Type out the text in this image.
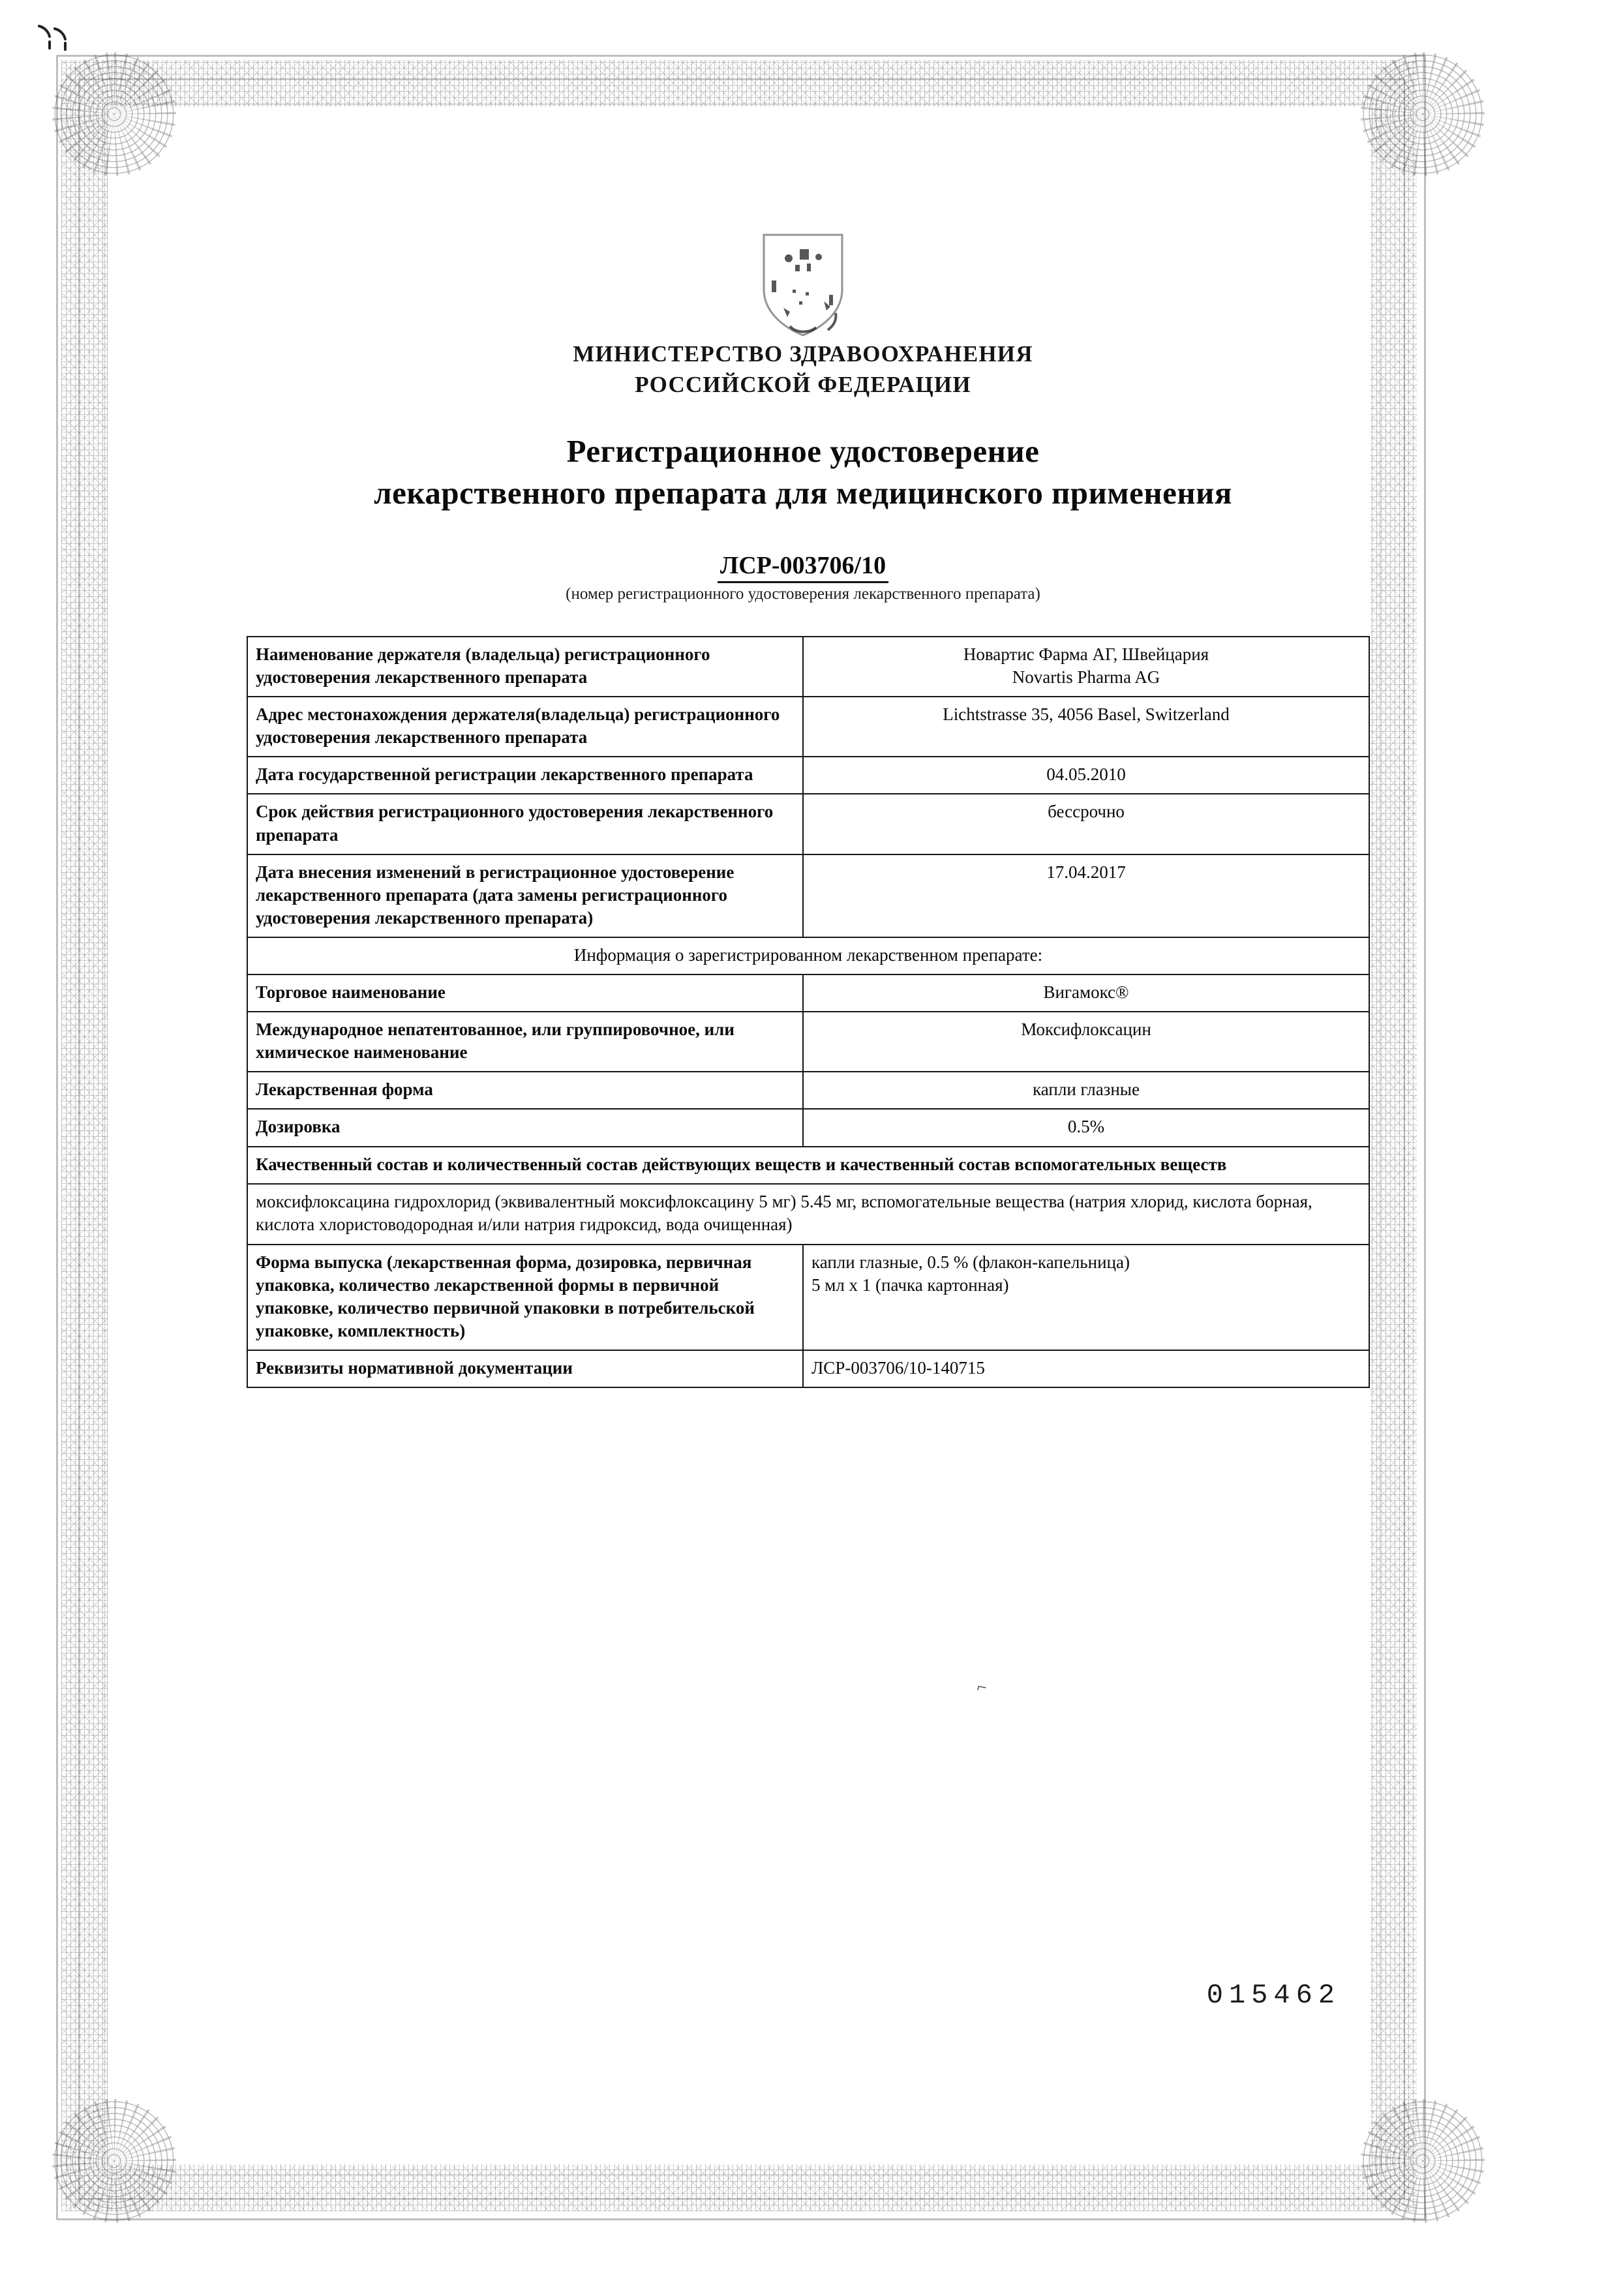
МИНИСТЕРСТВО ЗДРАВООХРАНЕНИЯ
РОССИЙСКОЙ ФЕДЕРАЦИИ
Регистрационное удостоверение
лекарственного препарата для медицинского применения
ЛСР-003706/10
(номер регистрационного удостоверения лекарственного препарата)
Наименование держателя (владельца) регистрационного удостоверения лекарственного препарата	Новартис Фарма АГ, Швейцария
Novartis Pharma AG

Адрес местонахождения держателя(владельца) регистрационного удостоверения лекарственного препарата	Lichtstrasse 35, 4056 Basel, Switzerland

Дата государственной регистрации лекарственного препарата	04.05.2010
Срок действия регистрационного удостоверения лекарственного препарата	бессрочно
Дата внесения изменений в регистрационное удостоверение лекарственного препарата (дата замены регистрационного удостоверения лекарственного препарата)	17.04.2017
Информация о зарегистрированном лекарственном препарате:	
Торговое наименование	Вигамокс®
Международное непатентованное, или группировочное, или химическое наименование	Моксифлоксацин
Лекарственная форма	капли глазные
Дозировка	0.5%
Качественный состав и количественный состав действующих веществ и качественный состав вспомогательных веществ	
моксифлоксацина гидрохлорид (эквивалентный моксифлоксацину 5 мг) 5.45 мг, вспомогательные вещества (натрия хлорид, кислота борная, кислота хлористоводородная и/или натрия гидроксид, вода очищенная)	
Форма выпуска (лекарственная форма, дозировка, первичная упаковка, количество лекарственной формы в первичной упаковке, количество первичной упаковки в потребительской упаковке, комплектность)	капли глазные, 0.5 % (флакон-капельница)
5 мл х 1 (пачка картонная)

Реквизиты нормативной документации	ЛСР-003706/10-140715
⌐
015462
